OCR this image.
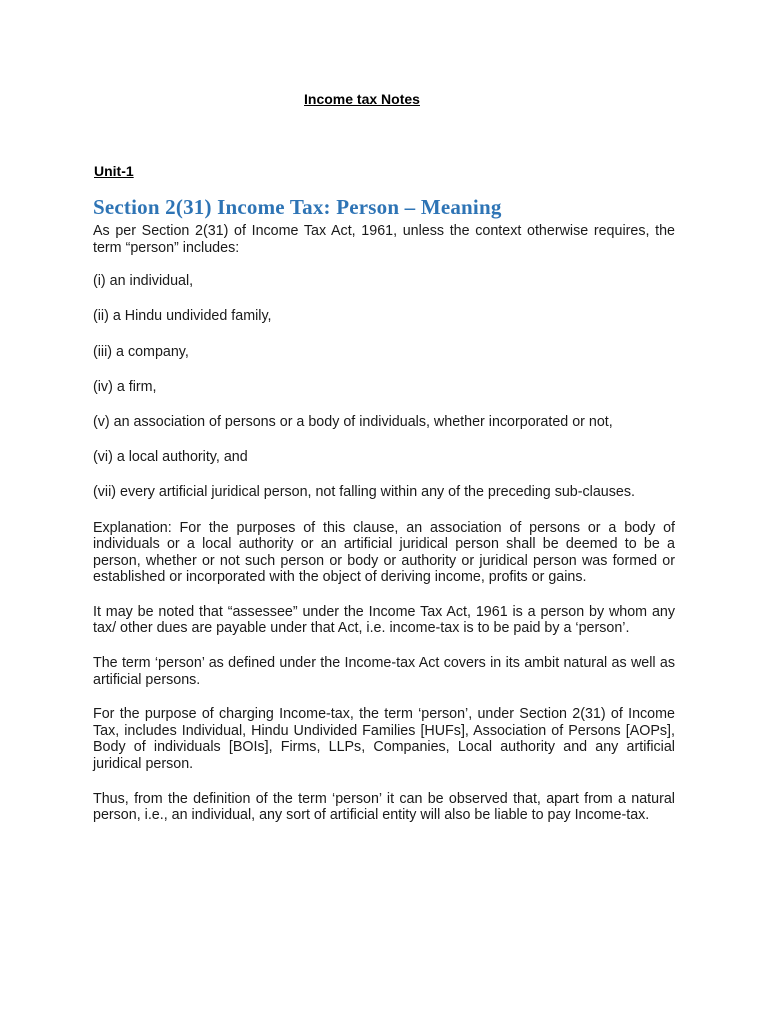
Income tax Notes
Unit-1
Section 2(31) Income Tax: Person – Meaning

As per Section 2(31) of Income Tax Act, 1961, unless the context otherwise requires, the term “person” includes:

(i) an individual,

(ii) a Hindu undivided family,

(iii) a company,

(iv) a firm,

(v) an association of persons or a body of individuals, whether incorporated or not,

(vi) a local authority, and

(vii) every artificial juridical person, not falling within any of the preceding sub-clauses.

Explanation: For the purposes of this clause, an association of persons or a body of individuals or a local authority or an artificial juridical person shall be deemed to be a person, whether or not such person or body or authority or juridical person was formed or established or incorporated with the object of deriving income, profits or gains.

It may be noted that “assessee” under the Income Tax Act, 1961 is a person by whom any tax/ other dues are payable under that Act, i.e. income-tax is to be paid by a ‘person’.

The term ‘person’ as defined under the Income-tax Act covers in its ambit natural as well as artificial persons.

For the purpose of charging Income-tax, the term ‘person’, under Section 2(31) of Income Tax, includes Individual, Hindu Undivided Families [HUFs], Association of Persons [AOPs], Body of individuals [BOIs], Firms, LLPs, Companies, Local authority and any artificial juridical person.

Thus, from the definition of the term ‘person’ it can be observed that, apart from a natural person, i.e., an individual, any sort of artificial entity will also be liable to pay Income-tax.
